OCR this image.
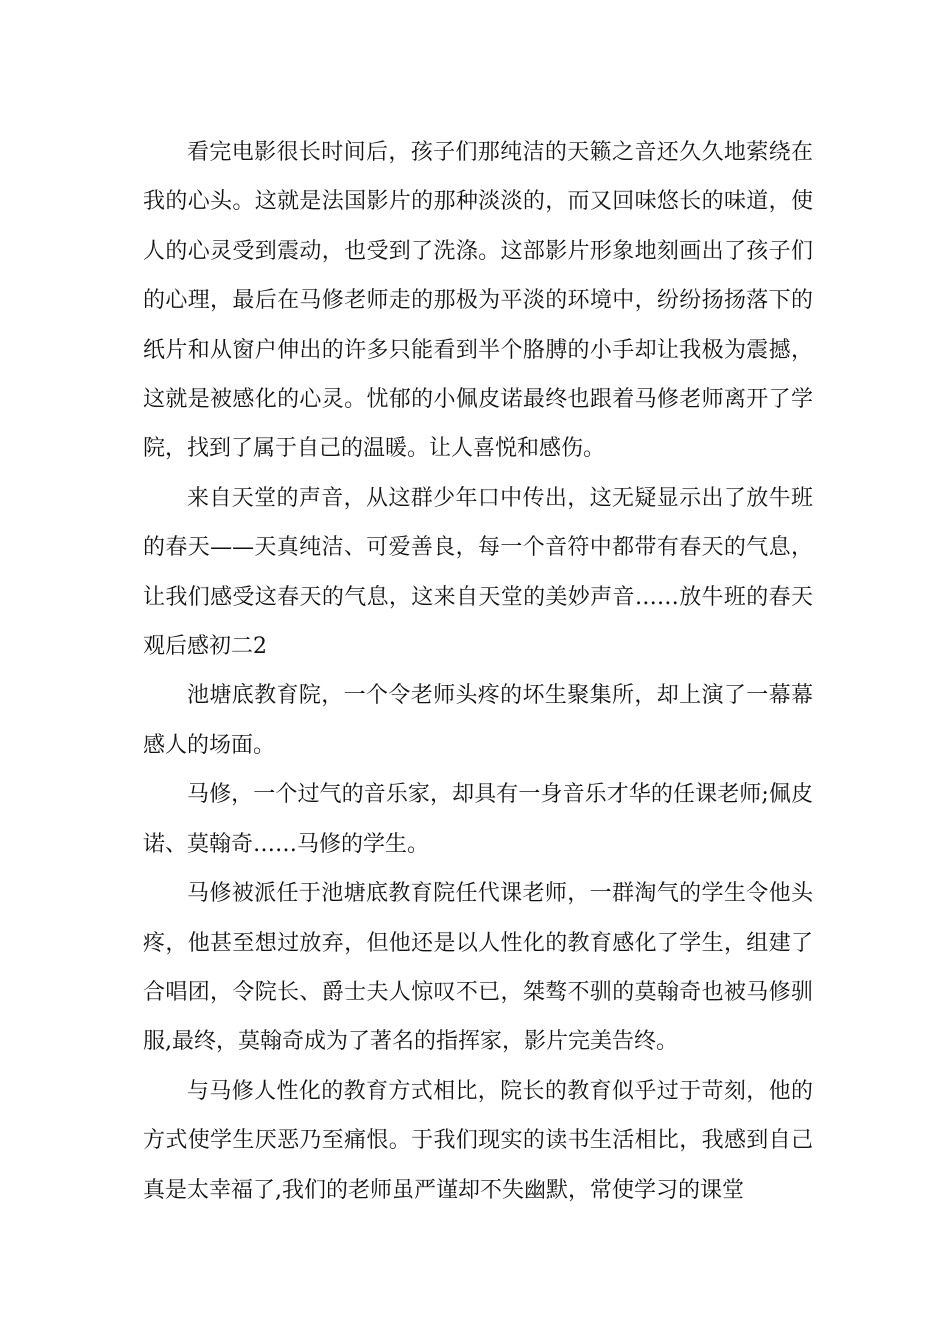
看完电影很长时间后，孩子们那纯洁的天籁之音还久久地萦绕在我的心头。这就是法国影片的那种淡淡的，而又回味悠长的味道，使人的心灵受到震动，也受到了洗涤。这部影片形象地刻画出了孩子们的心理，最后在马修老师走的那极为平淡的环境中，纷纷扬扬落下的纸片和从窗户伸出的许多只能看到半个胳膊的小手却让我极为震撼，这就是被感化的心灵。忧郁的小佩皮诺最终也跟着马修老师离开了学院，找到了属于自己的温暖。让人喜悦和感伤。

来自天堂的声音，从这群少年口中传出，这无疑显示出了放牛班的春天——天真纯洁、可爱善良，每一个音符中都带有春天的气息，让我们感受这春天的气息，这来自天堂的美妙声音……放牛班的春天观后感初二2

池塘底教育院，一个令老师头疼的坏生聚集所，却上演了一幕幕感人的场面。

马修，一个过气的音乐家，却具有一身音乐才华的任课老师;佩皮诺、莫翰奇……马修的学生。

马修被派任于池塘底教育院任代课老师，一群淘气的学生令他头疼，他甚至想过放弃，但他还是以人性化的教育感化了学生，组建了合唱团，令院长、爵士夫人惊叹不已，桀骜不驯的莫翰奇也被马修驯服,最终，莫翰奇成为了著名的指挥家，影片完美告终。

与马修人性化的教育方式相比，院长的教育似乎过于苛刻，他的方式使学生厌恶乃至痛恨。于我们现实的读书生活相比，我感到自己真是太幸福了,我们的老师虽严谨却不失幽默，常使学习的课堂
